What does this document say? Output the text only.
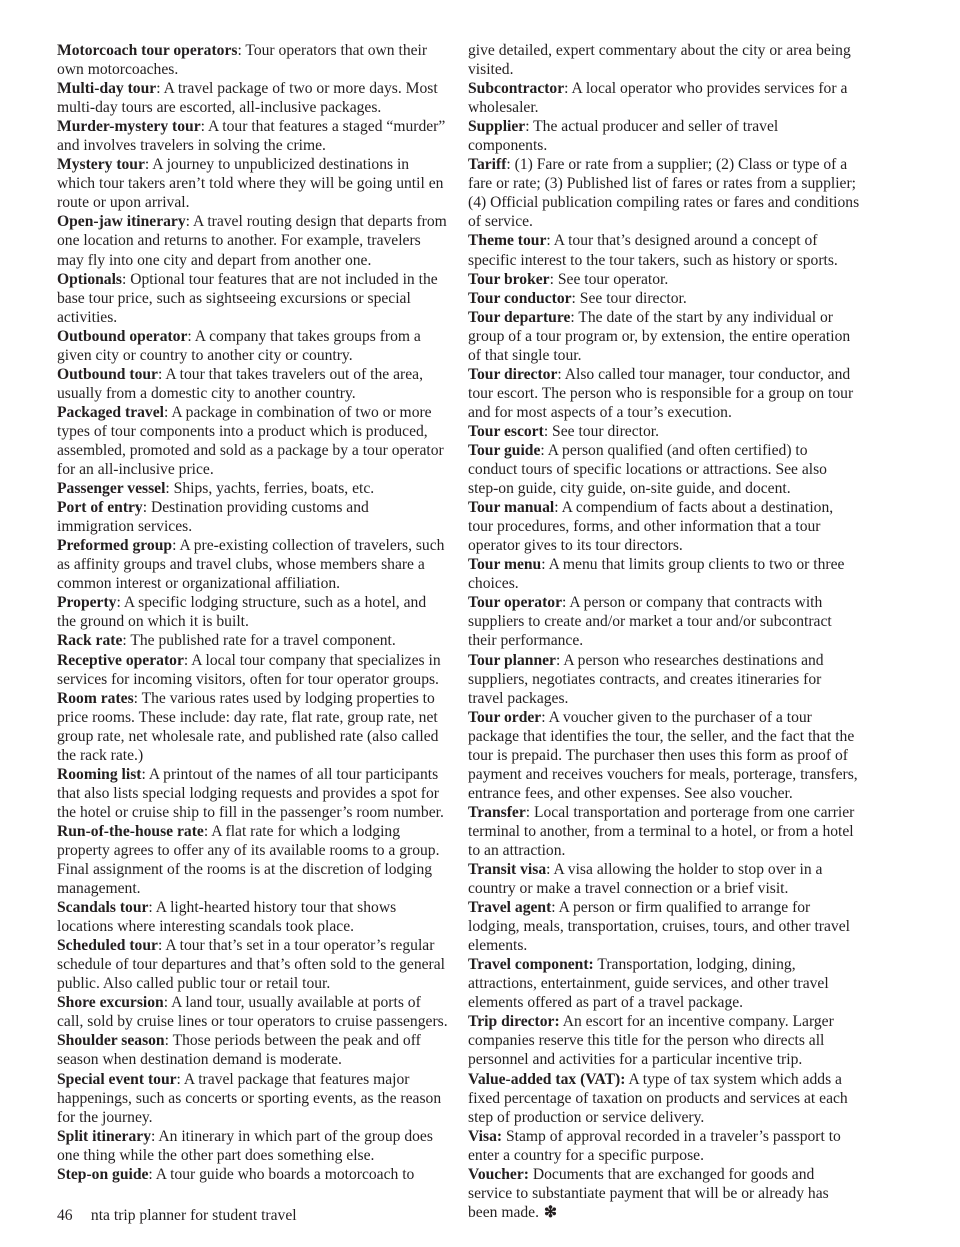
Motorcoach tour operators: Tour operators that own their own motorcoaches.

Multi-day tour: A travel package of two or more days. Most multi-day tours are escorted, all-inclusive packages.

Murder-mystery tour: A tour that features a staged “murder” and involves travelers in solving the crime.

Mystery tour: A journey to unpublicized destinations in which tour takers aren’t told where they will be going until en route or upon arrival.

Open-jaw itinerary: A travel routing design that departs from one location and returns to another. For example, travelers may fly into one city and depart from another one.

Optionals: Optional tour features that are not included in the base tour price, such as sightseeing excursions or special activities.

Outbound operator: A company that takes groups from a given city or country to another city or country.

Outbound tour: A tour that takes travelers out of the area, usually from a domestic city to another country.

Packaged travel: A package in combination of two or more types of tour components into a product which is produced, assembled, promoted and sold as a package by a tour operator for an all-inclusive price.

Passenger vessel: Ships, yachts, ferries, boats, etc.

Port of entry: Destination providing customs and immigration services.

Preformed group: A pre-existing collection of travelers, such as affinity groups and travel clubs, whose members share a common interest or organizational affiliation.

Property: A specific lodging structure, such as a hotel, and the ground on which it is built.

Rack rate: The published rate for a travel component.

Receptive operator: A local tour company that specializes in services for incoming visitors, often for tour operator groups.

Room rates: The various rates used by lodging properties to price rooms. These include: day rate, flat rate, group rate, net group rate, net wholesale rate, and published rate (also called the rack rate.)

Rooming list: A printout of the names of all tour participants that also lists special lodging requests and provides a spot for the hotel or cruise ship to fill in the passenger’s room number.

Run-of-the-house rate: A flat rate for which a lodging property agrees to offer any of its available rooms to a group. Final assignment of the rooms is at the discretion of lodging management.

Scandals tour: A light-hearted history tour that shows locations where interesting scandals took place.

Scheduled tour: A tour that’s set in a tour operator’s regular schedule of tour departures and that’s often sold to the general public. Also called public tour or retail tour.

Shore excursion: A land tour, usually available at ports of call, sold by cruise lines or tour operators to cruise passengers.

Shoulder season: Those periods between the peak and off season when destination demand is moderate.

Special event tour: A travel package that features major happenings, such as concerts or sporting events, as the reason for the journey.

Split itinerary: An itinerary in which part of the group does one thing while the other part does something else.

Step-on guide: A tour guide who boards a motorcoach to

give detailed, expert commentary about the city or area being visited.

Subcontractor: A local operator who provides services for a wholesaler.

Supplier: The actual producer and seller of travel components.

Tariff: (1) Fare or rate from a supplier; (2) Class or type of a fare or rate; (3) Published list of fares or rates from a supplier; (4) Official publication compiling rates or fares and conditions of service.

Theme tour: A tour that’s designed around a concept of specific interest to the tour takers, such as history or sports.

Tour broker: See tour operator.

Tour conductor: See tour director.

Tour departure: The date of the start by any individual or group of a tour program or, by extension, the entire operation of that single tour.

Tour director: Also called tour manager, tour conductor, and tour escort. The person who is responsible for a group on tour and for most aspects of a tour’s execution.

Tour escort: See tour director.

Tour guide: A person qualified (and often certified) to conduct tours of specific locations or attractions. See also step-on guide, city guide, on-site guide, and docent.

Tour manual: A compendium of facts about a destination, tour procedures, forms, and other information that a tour operator gives to its tour directors.

Tour menu: A menu that limits group clients to two or three choices.

Tour operator: A person or company that contracts with suppliers to create and/or market a tour and/or subcontract their performance.

Tour planner: A person who researches destinations and suppliers, negotiates contracts, and creates itineraries for travel packages.

Tour order: A voucher given to the purchaser of a tour package that identifies the tour, the seller, and the fact that the tour is prepaid. The purchaser then uses this form as proof of payment and receives vouchers for meals, porterage, transfers, entrance fees, and other expenses. See also voucher.

Transfer: Local transportation and porterage from one carrier terminal to another, from a terminal to a hotel, or from a hotel to an attraction.

Transit visa: A visa allowing the holder to stop over in a country or make a travel connection or a brief visit.

Travel agent: A person or firm qualified to arrange for lodging, meals, transportation, cruises, tours, and other travel elements.

Travel component: Transportation, lodging, dining, attractions, entertainment, guide services, and other travel elements offered as part of a travel package.

Trip director: An escort for an incentive company. Larger companies reserve this title for the person who directs all personnel and activities for a particular incentive trip.

Value-added tax (VAT): A type of tax system which adds a fixed percentage of taxation on products and services at each step of production or service delivery.

Visa: Stamp of approval recorded in a traveler’s passport to enter a country for a specific purpose.

Voucher: Documents that are exchanged for goods and service to substantiate payment that will be or already has been made. ❇

46 nta trip planner for student travel
